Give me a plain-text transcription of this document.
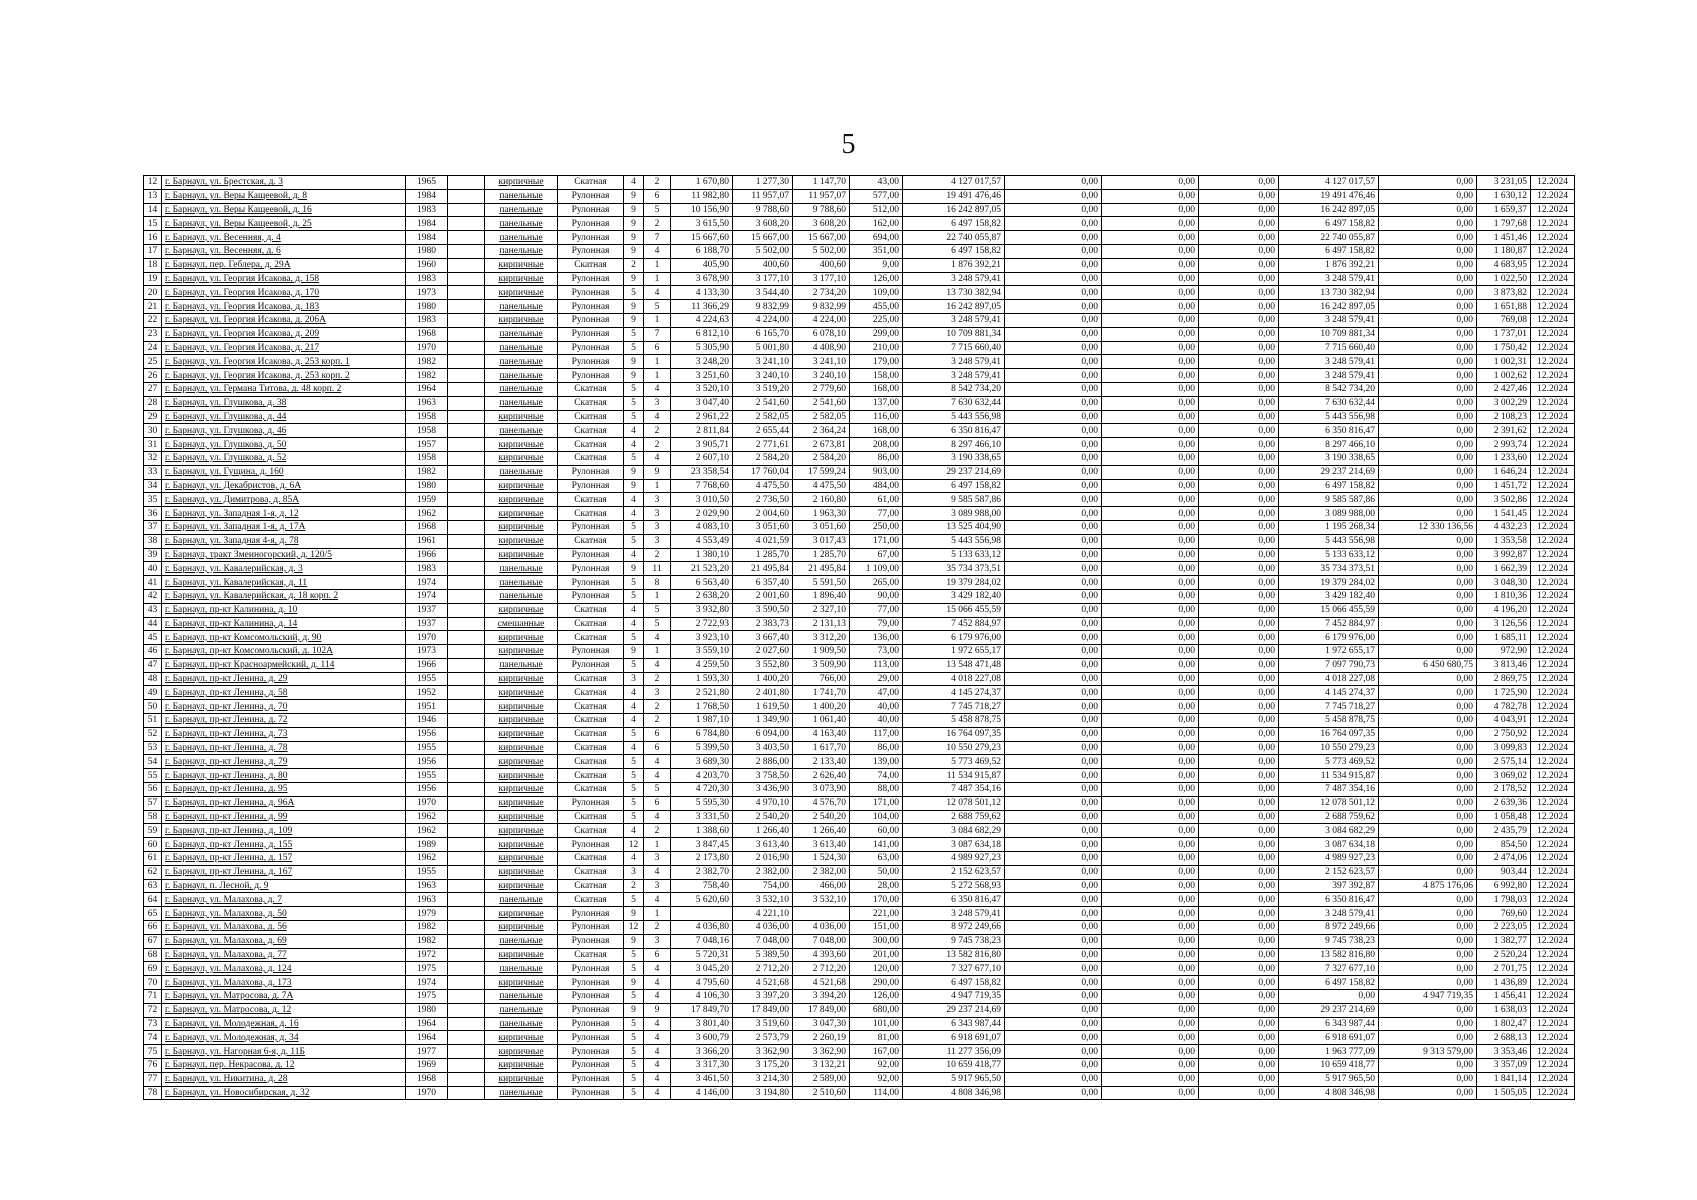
5
12	г. Барнаул, ул. Брестская, д. 3	1965		кирпичные	Скатная	4	2	1 670,80	1 277,30	1 147,70	43,00	4 127 017,57	0,00	0,00	0,00	4 127 017,57	0,00	3 231,05	12.2024
13	г. Барнаул, ул. Веры Кащеевой, д. 8	1984		панельные	Рулонная	9	6	11 982,80	11 957,07	11 957,07	577,00	19 491 476,46	0,00	0,00	0,00	19 491 476,46	0,00	1 630,12	12.2024
14	г. Барнаул, ул. Веры Кащеевой, д. 16	1983		панельные	Рулонная	9	5	10 156,90	9 788,60	9 788,60	512,00	16 242 897,05	0,00	0,00	0,00	16 242 897,05	0,00	1 659,37	12.2024
15	г. Барнаул, ул. Веры Кащеевой, д. 25	1984		панельные	Рулонная	9	2	3 615,50	3 608,20	3 608,20	162,00	6 497 158,82	0,00	0,00	0,00	6 497 158,82	0,00	1 797,68	12.2024
16	г. Барнаул, ул. Весенняя, д. 4	1984		панельные	Рулонная	9	7	15 667,60	15 667,00	15 667,00	694,00	22 740 055,87	0,00	0,00	0,00	22 740 055,87	0,00	1 451,46	12.2024
17	г. Барнаул, ул. Весенняя, д. 6	1980		панельные	Рулонная	9	4	6 188,70	5 502,00	5 502,00	351,00	6 497 158,82	0,00	0,00	0,00	6 497 158,82	0,00	1 180,87	12.2024
18	г. Барнаул, пер. Геблера, д. 29А	1960		кирпичные	Скатная	2	1	405,90	400,60	400,60	9,00	1 876 392,21	0,00	0,00	0,00	1 876 392,21	0,00	4 683,95	12.2024
19	г. Барнаул, ул. Георгия Исакова, д. 158	1983		кирпичные	Рулонная	9	1	3 678,90	3 177,10	3 177,10	126,00	3 248 579,41	0,00	0,00	0,00	3 248 579,41	0,00	1 022,50	12.2024
20	г. Барнаул, ул. Георгия Исакова, д. 170	1973		кирпичные	Рулонная	5	4	4 133,30	3 544,40	2 734,20	109,00	13 730 382,94	0,00	0,00	0,00	13 730 382,94	0,00	3 873,82	12.2024
21	г. Барнаул, ул. Георгия Исакова, д. 183	1980		панельные	Рулонная	9	5	11 366,29	9 832,99	9 832,99	455,00	16 242 897,05	0,00	0,00	0,00	16 242 897,05	0,00	1 651,88	12.2024
22	г. Барнаул, ул. Георгия Исакова, д. 206А	1983		кирпичные	Рулонная	9	1	4 224,63	4 224,00	4 224,00	225,00	3 248 579,41	0,00	0,00	0,00	3 248 579,41	0,00	769,08	12.2024
23	г. Барнаул, ул. Георгия Исакова, д. 209	1968		панельные	Рулонная	5	7	6 812,10	6 165,70	6 078,10	299,00	10 709 881,34	0,00	0,00	0,00	10 709 881,34	0,00	1 737,01	12.2024
24	г. Барнаул, ул. Георгия Исакова, д. 217	1970		панельные	Рулонная	5	6	5 305,90	5 001,80	4 408,90	210,00	7 715 660,40	0,00	0,00	0,00	7 715 660,40	0,00	1 750,42	12.2024
25	г. Барнаул, ул. Георгия Исакова, д. 253 корп. 1	1982		панельные	Рулонная	9	1	3 248,20	3 241,10	3 241,10	179,00	3 248 579,41	0,00	0,00	0,00	3 248 579,41	0,00	1 002,31	12.2024
26	г. Барнаул, ул. Георгия Исакова, д. 253 корп. 2	1982		панельные	Рулонная	9	1	3 251,60	3 240,10	3 240,10	158,00	3 248 579,41	0,00	0,00	0,00	3 248 579,41	0,00	1 002,62	12.2024
27	г. Барнаул, ул. Германа Титова, д. 48 корп. 2	1964		панельные	Скатная	5	4	3 520,10	3 519,20	2 779,60	168,00	8 542 734,20	0,00	0,00	0,00	8 542 734,20	0,00	2 427,46	12.2024
28	г. Барнаул, ул. Глушкова, д. 38	1963		панельные	Скатная	5	3	3 047,40	2 541,60	2 541,60	137,00	7 630 632,44	0,00	0,00	0,00	7 630 632,44	0,00	3 002,29	12.2024
29	г. Барнаул, ул. Глушкова, д. 44	1958		кирпичные	Скатная	5	4	2 961,22	2 582,05	2 582,05	116,00	5 443 556,98	0,00	0,00	0,00	5 443 556,98	0,00	2 108,23	12.2024
30	г. Барнаул, ул. Глушкова, д. 46	1958		панельные	Скатная	4	2	2 811,84	2 655,44	2 364,24	168,00	6 350 816,47	0,00	0,00	0,00	6 350 816,47	0,00	2 391,62	12.2024
31	г. Барнаул, ул. Глушкова, д. 50	1957		кирпичные	Скатная	4	2	3 905,71	2 771,61	2 673,81	208,00	8 297 466,10	0,00	0,00	0,00	8 297 466,10	0,00	2 993,74	12.2024
32	г. Барнаул, ул. Глушкова, д. 52	1958		кирпичные	Скатная	5	4	2 607,10	2 584,20	2 584,20	86,00	3 190 338,65	0,00	0,00	0,00	3 190 338,65	0,00	1 233,60	12.2024
33	г. Барнаул, ул. Гущина, д. 160	1982		панельные	Рулонная	9	9	23 358,54	17 760,04	17 599,24	903,00	29 237 214,69	0,00	0,00	0,00	29 237 214,69	0,00	1 646,24	12.2024
34	г. Барнаул, ул. Декабристов, д. 6А	1980		кирпичные	Рулонная	9	1	7 768,60	4 475,50	4 475,50	484,00	6 497 158,82	0,00	0,00	0,00	6 497 158,82	0,00	1 451,72	12.2024
35	г. Барнаул, ул. Димитрова, д. 85А	1959		кирпичные	Скатная	4	3	3 010,50	2 736,50	2 160,80	61,00	9 585 587,86	0,00	0,00	0,00	9 585 587,86	0,00	3 502,86	12.2024
36	г. Барнаул, ул. Западная 1-я, д. 12	1962		кирпичные	Скатная	4	3	2 029,90	2 004,60	1 963,30	77,00	3 089 988,00	0,00	0,00	0,00	3 089 988,00	0,00	1 541,45	12.2024
37	г. Барнаул, ул. Западная 1-я, д. 17А	1968		кирпичные	Рулонная	5	3	4 083,10	3 051,60	3 051,60	250,00	13 525 404,90	0,00	0,00	0,00	1 195 268,34	12 330 136,56	4 432,23	12.2024
38	г. Барнаул, ул. Западная 4-я, д. 78	1961		кирпичные	Скатная	5	3	4 553,49	4 021,59	3 017,43	171,00	5 443 556,98	0,00	0,00	0,00	5 443 556,98	0,00	1 353,58	12.2024
39	г. Барнаул, тракт Змеиногорский, д. 120/5	1966		кирпичные	Рулонная	4	2	1 380,10	1 285,70	1 285,70	67,00	5 133 633,12	0,00	0,00	0,00	5 133 633,12	0,00	3 992,87	12.2024
40	г. Барнаул, ул. Кавалерийская, д. 3	1983		панельные	Рулонная	9	11	21 523,20	21 495,84	21 495,84	1 109,00	35 734 373,51	0,00	0,00	0,00	35 734 373,51	0,00	1 662,39	12.2024
41	г. Барнаул, ул. Кавалерийская, д. 11	1974		панельные	Рулонная	5	8	6 563,40	6 357,40	5 591,50	265,00	19 379 284,02	0,00	0,00	0,00	19 379 284,02	0,00	3 048,30	12.2024
42	г. Барнаул, ул. Кавалерийская, д. 18 корп. 2	1974		панельные	Рулонная	5	1	2 638,20	2 001,60	1 896,40	90,00	3 429 182,40	0,00	0,00	0,00	3 429 182,40	0,00	1 810,36	12.2024
43	г. Барнаул, пр-кт Калинина, д. 10	1937		кирпичные	Скатная	4	5	3 932,80	3 590,50	2 327,10	77,00	15 066 455,59	0,00	0,00	0,00	15 066 455,59	0,00	4 196,20	12.2024
44	г. Барнаул, пр-кт Калинина, д. 14	1937		смешанные	Скатная	4	5	2 722,93	2 383,73	2 131,13	79,00	7 452 884,97	0,00	0,00	0,00	7 452 884,97	0,00	3 126,56	12.2024
45	г. Барнаул, пр-кт Комсомольский, д. 90	1970		кирпичные	Скатная	5	4	3 923,10	3 667,40	3 312,20	136,00	6 179 976,00	0,00	0,00	0,00	6 179 976,00	0,00	1 685,11	12.2024
46	г. Барнаул, пр-кт Комсомольский, д. 102А	1973		кирпичные	Рулонная	9	1	3 559,10	2 027,60	1 909,50	73,00	1 972 655,17	0,00	0,00	0,00	1 972 655,17	0,00	972,90	12.2024
47	г. Барнаул, пр-кт Красноармейский, д. 114	1966		панельные	Рулонная	5	4	4 259,50	3 552,80	3 509,90	113,00	13 548 471,48	0,00	0,00	0,00	7 097 790,73	6 450 680,75	3 813,46	12.2024
48	г. Барнаул, пр-кт Ленина, д. 29	1955		кирпичные	Скатная	3	2	1 593,30	1 400,20	766,00	29,00	4 018 227,08	0,00	0,00	0,00	4 018 227,08	0,00	2 869,75	12.2024
49	г. Барнаул, пр-кт Ленина, д. 58	1952		кирпичные	Скатная	4	3	2 521,80	2 401,80	1 741,70	47,00	4 145 274,37	0,00	0,00	0,00	4 145 274,37	0,00	1 725,90	12.2024
50	г. Барнаул, пр-кт Ленина, д. 70	1951		кирпичные	Скатная	4	2	1 768,50	1 619,50	1 400,20	40,00	7 745 718,27	0,00	0,00	0,00	7 745 718,27	0,00	4 782,78	12.2024
51	г. Барнаул, пр-кт Ленина, д. 72	1946		кирпичные	Скатная	4	2	1 987,10	1 349,90	1 061,40	40,00	5 458 878,75	0,00	0,00	0,00	5 458 878,75	0,00	4 043,91	12.2024
52	г. Барнаул, пр-кт Ленина, д. 73	1956		кирпичные	Скатная	5	6	6 784,80	6 094,00	4 163,40	117,00	16 764 097,35	0,00	0,00	0,00	16 764 097,35	0,00	2 750,92	12.2024
53	г. Барнаул, пр-кт Ленина, д. 78	1955		кирпичные	Скатная	4	6	5 399,50	3 403,50	1 617,70	86,00	10 550 279,23	0,00	0,00	0,00	10 550 279,23	0,00	3 099,83	12.2024
54	г. Барнаул, пр-кт Ленина, д. 79	1956		кирпичные	Скатная	5	4	3 689,30	2 886,00	2 133,40	139,00	5 773 469,52	0,00	0,00	0,00	5 773 469,52	0,00	2 575,14	12.2024
55	г. Барнаул, пр-кт Ленина, д. 80	1955		кирпичные	Скатная	5	4	4 203,70	3 758,50	2 626,40	74,00	11 534 915,87	0,00	0,00	0,00	11 534 915,87	0,00	3 069,02	12.2024
56	г. Барнаул, пр-кт Ленина, д. 95	1956		кирпичные	Скатная	5	5	4 720,30	3 436,90	3 073,90	88,00	7 487 354,16	0,00	0,00	0,00	7 487 354,16	0,00	2 178,52	12.2024
57	г. Барнаул, пр-кт Ленина, д. 96А	1970		кирпичные	Рулонная	5	6	5 595,30	4 970,10	4 576,70	171,00	12 078 501,12	0,00	0,00	0,00	12 078 501,12	0,00	2 639,36	12.2024
58	г. Барнаул, пр-кт Ленина, д. 99	1962		кирпичные	Скатная	5	4	3 331,50	2 540,20	2 540,20	104,00	2 688 759,62	0,00	0,00	0,00	2 688 759,62	0,00	1 058,48	12.2024
59	г. Барнаул, пр-кт Ленина, д. 109	1962		кирпичные	Скатная	4	2	1 388,60	1 266,40	1 266,40	60,00	3 084 682,29	0,00	0,00	0,00	3 084 682,29	0,00	2 435,79	12.2024
60	г. Барнаул, пр-кт Ленина, д. 155	1989		кирпичные	Рулонная	12	1	3 847,45	3 613,40	3 613,40	141,00	3 087 634,18	0,00	0,00	0,00	3 087 634,18	0,00	854,50	12.2024
61	г. Барнаул, пр-кт Ленина, д. 157	1962		кирпичные	Скатная	4	3	2 173,80	2 016,90	1 524,30	63,00	4 989 927,23	0,00	0,00	0,00	4 989 927,23	0,00	2 474,06	12.2024
62	г. Барнаул, пр-кт Ленина, д. 167	1955		кирпичные	Скатная	3	4	2 382,70	2 382,00	2 382,00	50,00	2 152 623,57	0,00	0,00	0,00	2 152 623,57	0,00	903,44	12.2024
63	г. Барнаул, п. Лесной, д. 9	1963		кирпичные	Скатная	2	3	758,40	754,00	466,00	28,00	5 272 568,93	0,00	0,00	0,00	397 392,87	4 875 176,06	6 992,80	12.2024
64	г. Барнаул, ул. Малахова, д. 7	1963		панельные	Скатная	5	4	5 620,60	3 532,10	3 532,10	170,00	6 350 816,47	0,00	0,00	0,00	6 350 816,47	0,00	1 798,03	12.2024
65	г. Барнаул, ул. Малахова, д. 50	1979		кирпичные	Рулонная	9	1		4 221,10		221,00	3 248 579,41	0,00	0,00	0,00	3 248 579,41	0,00	769,60	12.2024
66	г. Барнаул, ул. Малахова, д. 56	1982		кирпичные	Рулонная	12	2	4 036,80	4 036,00	4 036,00	151,00	8 972 249,66	0,00	0,00	0,00	8 972 249,66	0,00	2 223,05	12.2024
67	г. Барнаул, ул. Малахова, д. 69	1982		панельные	Рулонная	9	3	7 048,16	7 048,00	7 048,00	300,00	9 745 738,23	0,00	0,00	0,00	9 745 738,23	0,00	1 382,77	12.2024
68	г. Барнаул, ул. Малахова, д. 77	1972		кирпичные	Скатная	5	6	5 720,31	5 389,50	4 393,60	201,00	13 582 816,80	0,00	0,00	0,00	13 582 816,80	0,00	2 520,24	12.2024
69	г. Барнаул, ул. Малахова, д. 124	1975		панельные	Рулонная	5	4	3 045,20	2 712,20	2 712,20	120,00	7 327 677,10	0,00	0,00	0,00	7 327 677,10	0,00	2 701,75	12.2024
70	г. Барнаул, ул. Малахова, д. 173	1974		кирпичные	Рулонная	9	4	4 795,60	4 521,68	4 521,68	290,00	6 497 158,82	0,00	0,00	0,00	6 497 158,82	0,00	1 436,89	12.2024
71	г. Барнаул, ул. Матросова, д. 7А	1975		панельные	Рулонная	5	4	4 106,30	3 397,20	3 394,20	126,00	4 947 719,35	0,00	0,00	0,00	0,00	4 947 719,35	1 456,41	12.2024
72	г. Барнаул, ул. Матросова, д. 12	1980		панельные	Рулонная	9	9	17 849,70	17 849,00	17 849,00	680,00	29 237 214,69	0,00	0,00	0,00	29 237 214,69	0,00	1 638,03	12.2024
73	г. Барнаул, ул. Молодежная, д. 16	1964		панельные	Рулонная	5	4	3 801,40	3 519,60	3 047,30	101,00	6 343 987,44	0,00	0,00	0,00	6 343 987,44	0,00	1 802,47	12.2024
74	г. Барнаул, ул. Молодежная, д. 34	1964		кирпичные	Рулонная	5	4	3 600,79	2 573,79	2 260,19	81,00	6 918 691,07	0,00	0,00	0,00	6 918 691,07	0,00	2 688,13	12.2024
75	г. Барнаул, ул. Нагорная 6-я, д. 11Б	1977		кирпичные	Рулонная	5	4	3 366,20	3 362,90	3 362,90	167,00	11 277 356,09	0,00	0,00	0,00	1 963 777,09	9 313 579,00	3 353,46	12.2024
76	г. Барнаул, пер. Некрасова, д. 12	1969		кирпичные	Рулонная	5	4	3 317,30	3 175,20	3 132,21	92,00	10 659 418,77	0,00	0,00	0,00	10 659 418,77	0,00	3 357,09	12.2024
77	г. Барнаул, ул. Никитина, д. 28	1968		кирпичные	Рулонная	5	4	3 461,50	3 214,30	2 589,00	92,00	5 917 965,50	0,00	0,00	0,00	5 917 965,50	0,00	1 841,14	12.2024
78	г. Барнаул, ул. Новосибирская, д. 32	1970		панельные	Рулонная	5	4	4 146,00	3 194,80	2 510,60	114,00	4 808 346,98	0,00	0,00	0,00	4 808 346,98	0,00	1 505,05	12.2024
